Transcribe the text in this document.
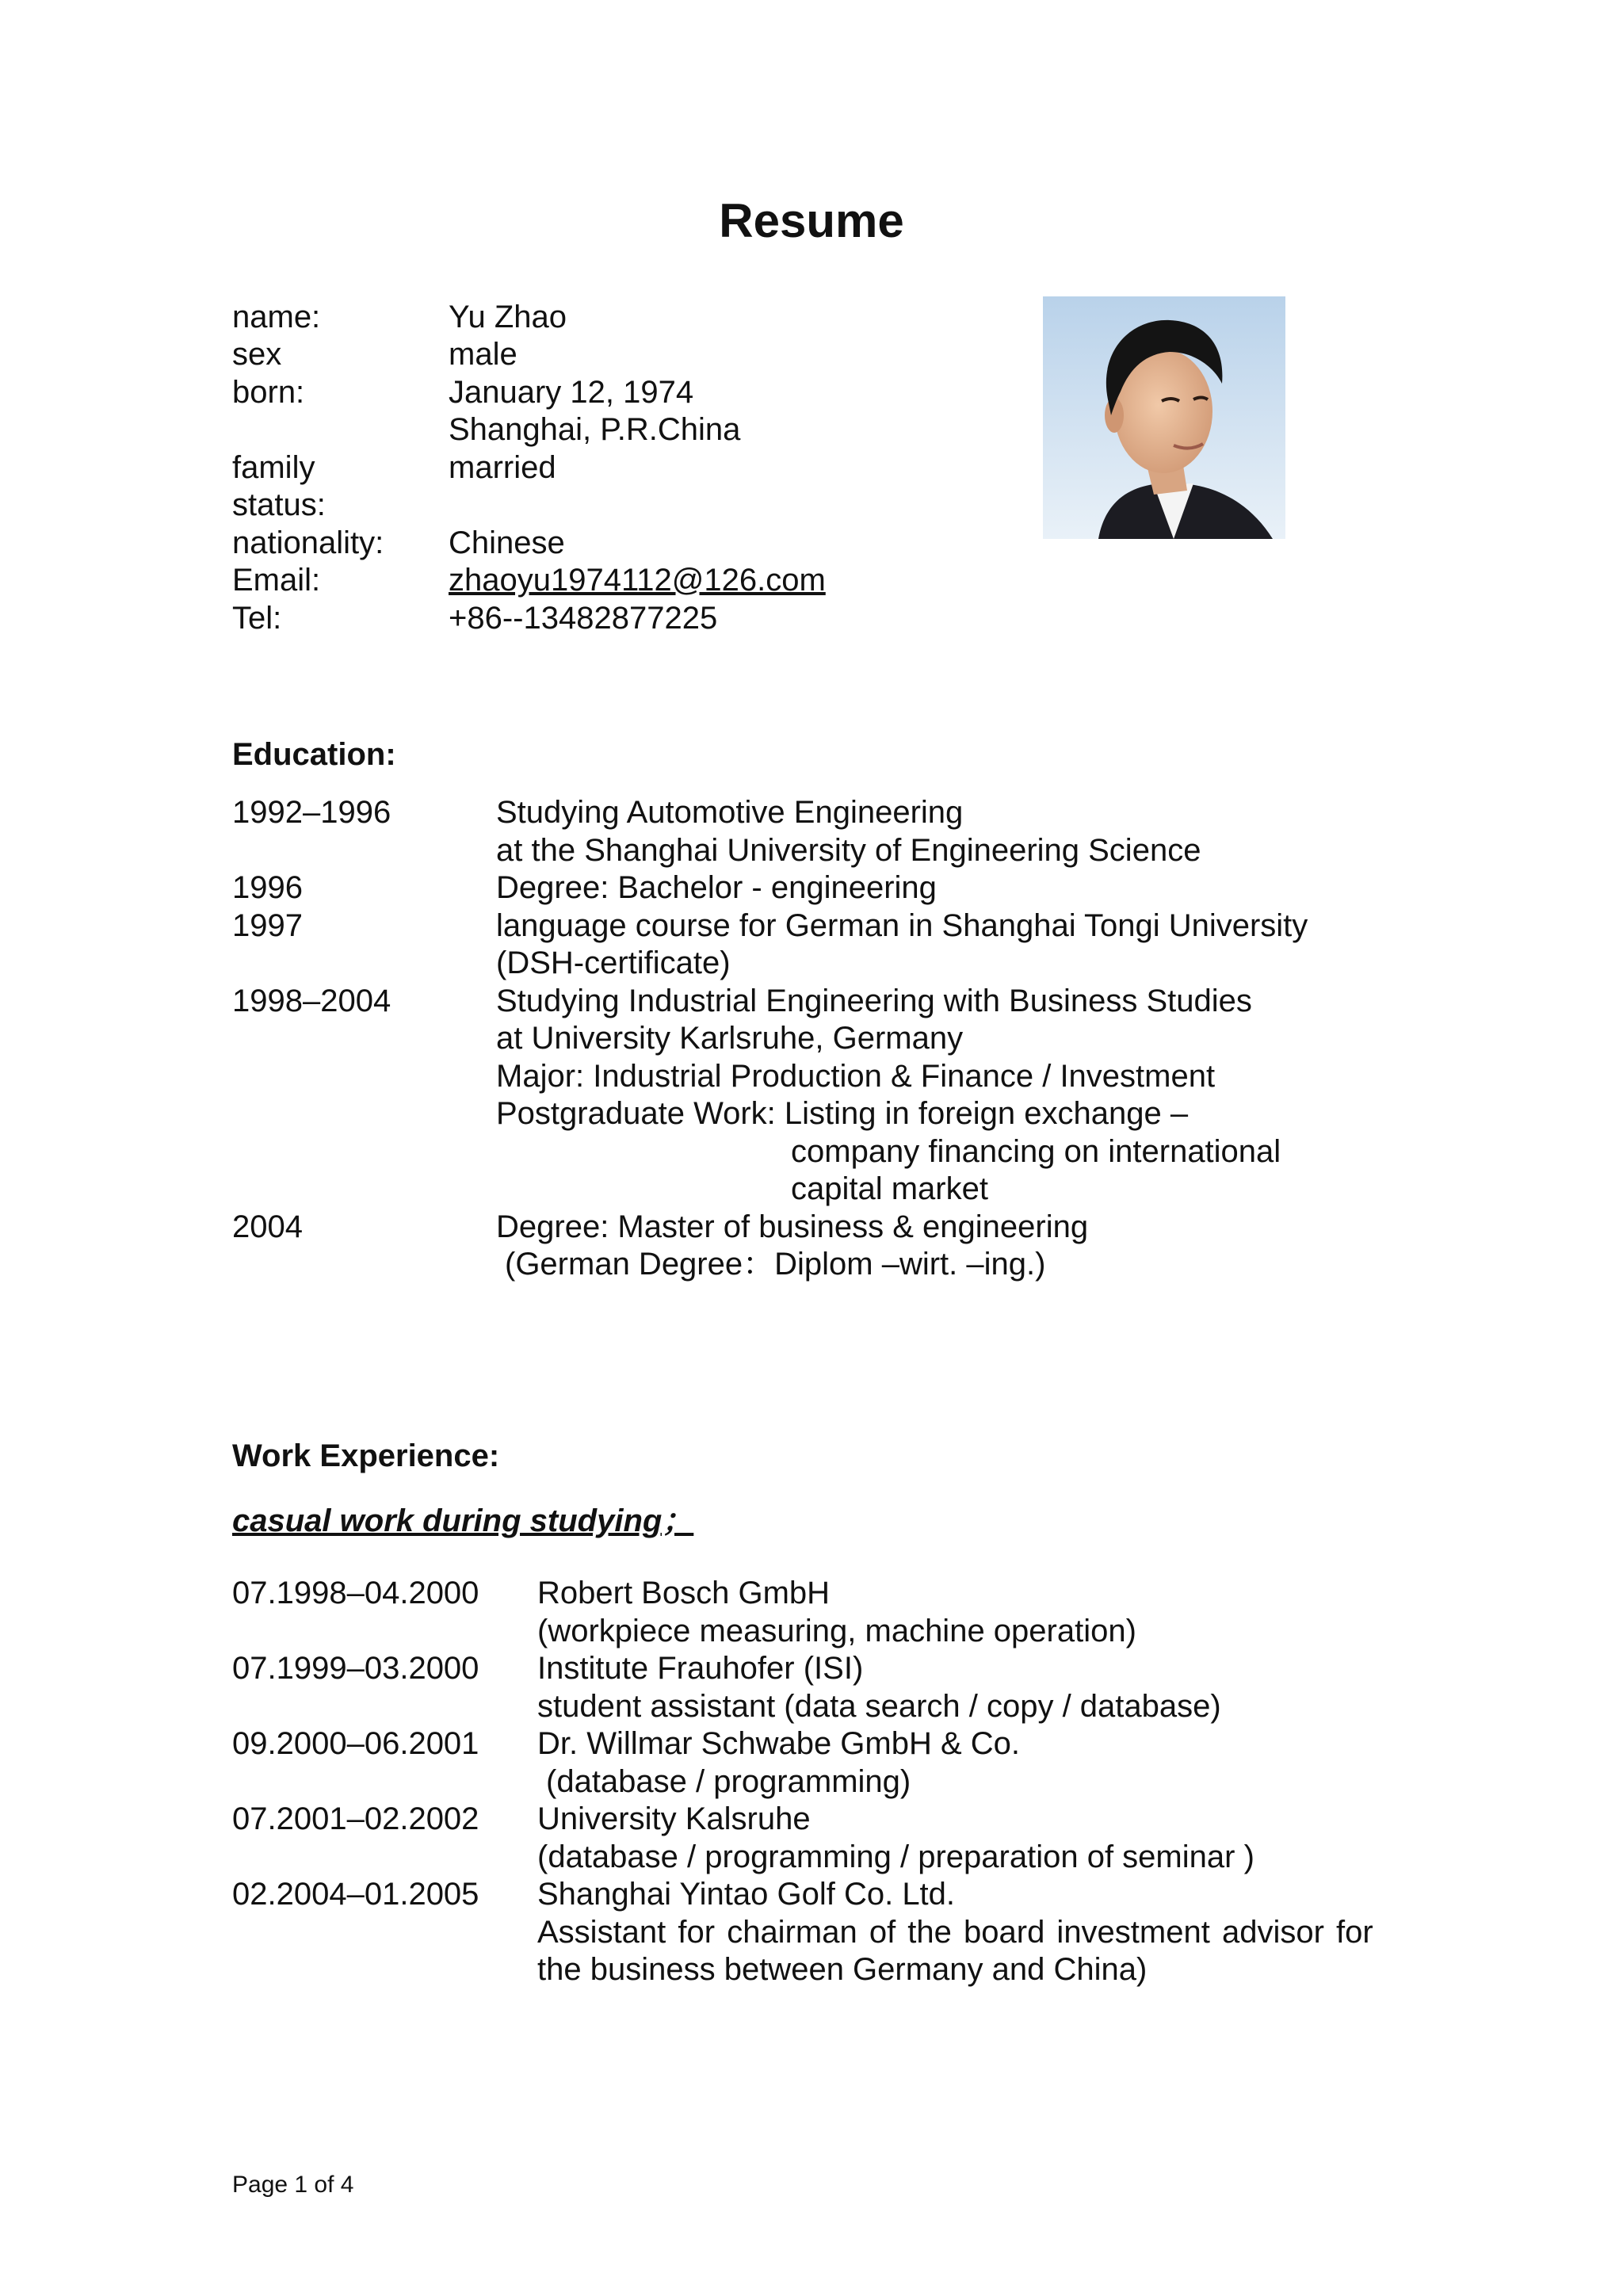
Resume
name:	Yu Zhao
sex	male
born:	January 12, 1974
Shanghai, P.R.China
family	married
status:
nationality: Chinese
Email:	zhaoyu1974112@126.com
Tel:	+86--13482877225
Education:
1992–1996	Studying Automotive Engineering
at the Shanghai University of Engineering Science
1996	Degree: Bachelor - engineering
1997	language course for German in Shanghai Tongi University
(DSH-certificate)
1998–2004	Studying Industrial Engineering with Business Studies
at University Karlsruhe, Germany
Major: Industrial Production & Finance / Investment
Postgraduate Work: Listing in foreign exchange –
company financing on international
capital market
2004	Degree: Master of business & engineering
(German Degree：Diplom –wirt. –ing.)
Work Experience:
casual work during studying；
07.1998–04.2000 Robert Bosch GmbH
(workpiece measuring, machine operation)
07.1999–03.2000 Institute Frauhofer (ISI)
student assistant (data search / copy / database)
09.2000–06.2001 Dr. Willmar Schwabe GmbH & Co.
(database / programming)
07.2001–02.2002 University Kalsruhe
(database / programming / preparation of seminar )
02.2004–01.2005 Shanghai Yintao Golf Co. Ltd.
Assistant for chairman of the board investment advisor for
the business between Germany and China)
Page 1 of 4
